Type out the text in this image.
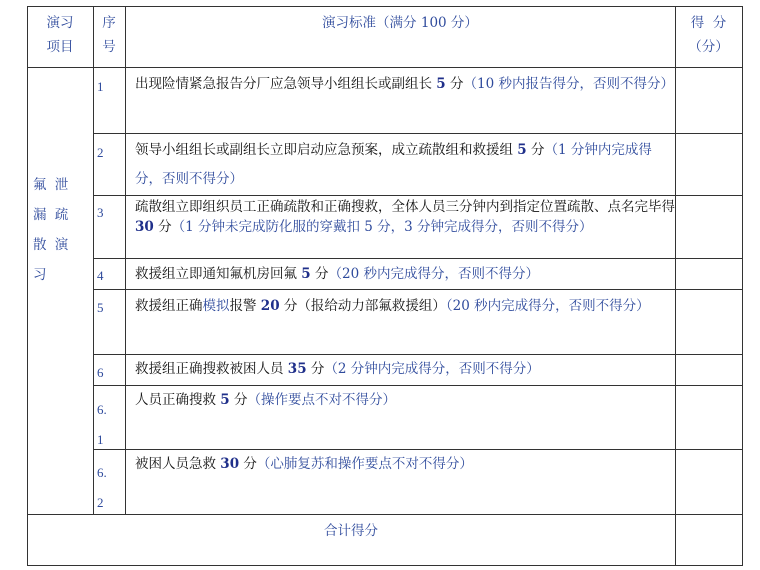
演习
项目
序
号
演习标准（满分 100 分）	得  分
（分）
氟 泄
漏 疏
散 演
习
1
2
3
4
5
6
6.
1
6.
2
出现险情紧急报告分厂应急领导小组组长或副组长 5 分（10 秒内报告得分，否则不得分）
领导小组组长或副组长立即启动应急预案，成立疏散组和救援组 5 分（1 分钟内完成得分，否则不得分）
疏散组立即组织员工正确疏散和正确搜救，全体人员三分钟内到指定位置疏散、点名完毕得 30 分（1 分钟未完成防化服的穿戴扣 5 分，3 分钟完成得分，否则不得分）
救援组立即通知氟机房回氟 5 分（20 秒内完成得分，否则不得分）
救援组正确模拟报警 20 分（报给动力部氟救援组）（20 秒内完成得分，否则不得分）
救援组正确搜救被困人员 35 分（2 分钟内完成得分，否则不得分）
人员正确搜救 5 分（操作要点不对不得分）
被困人员急救 30 分（心肺复苏和操作要点不对不得分）
合计得分
